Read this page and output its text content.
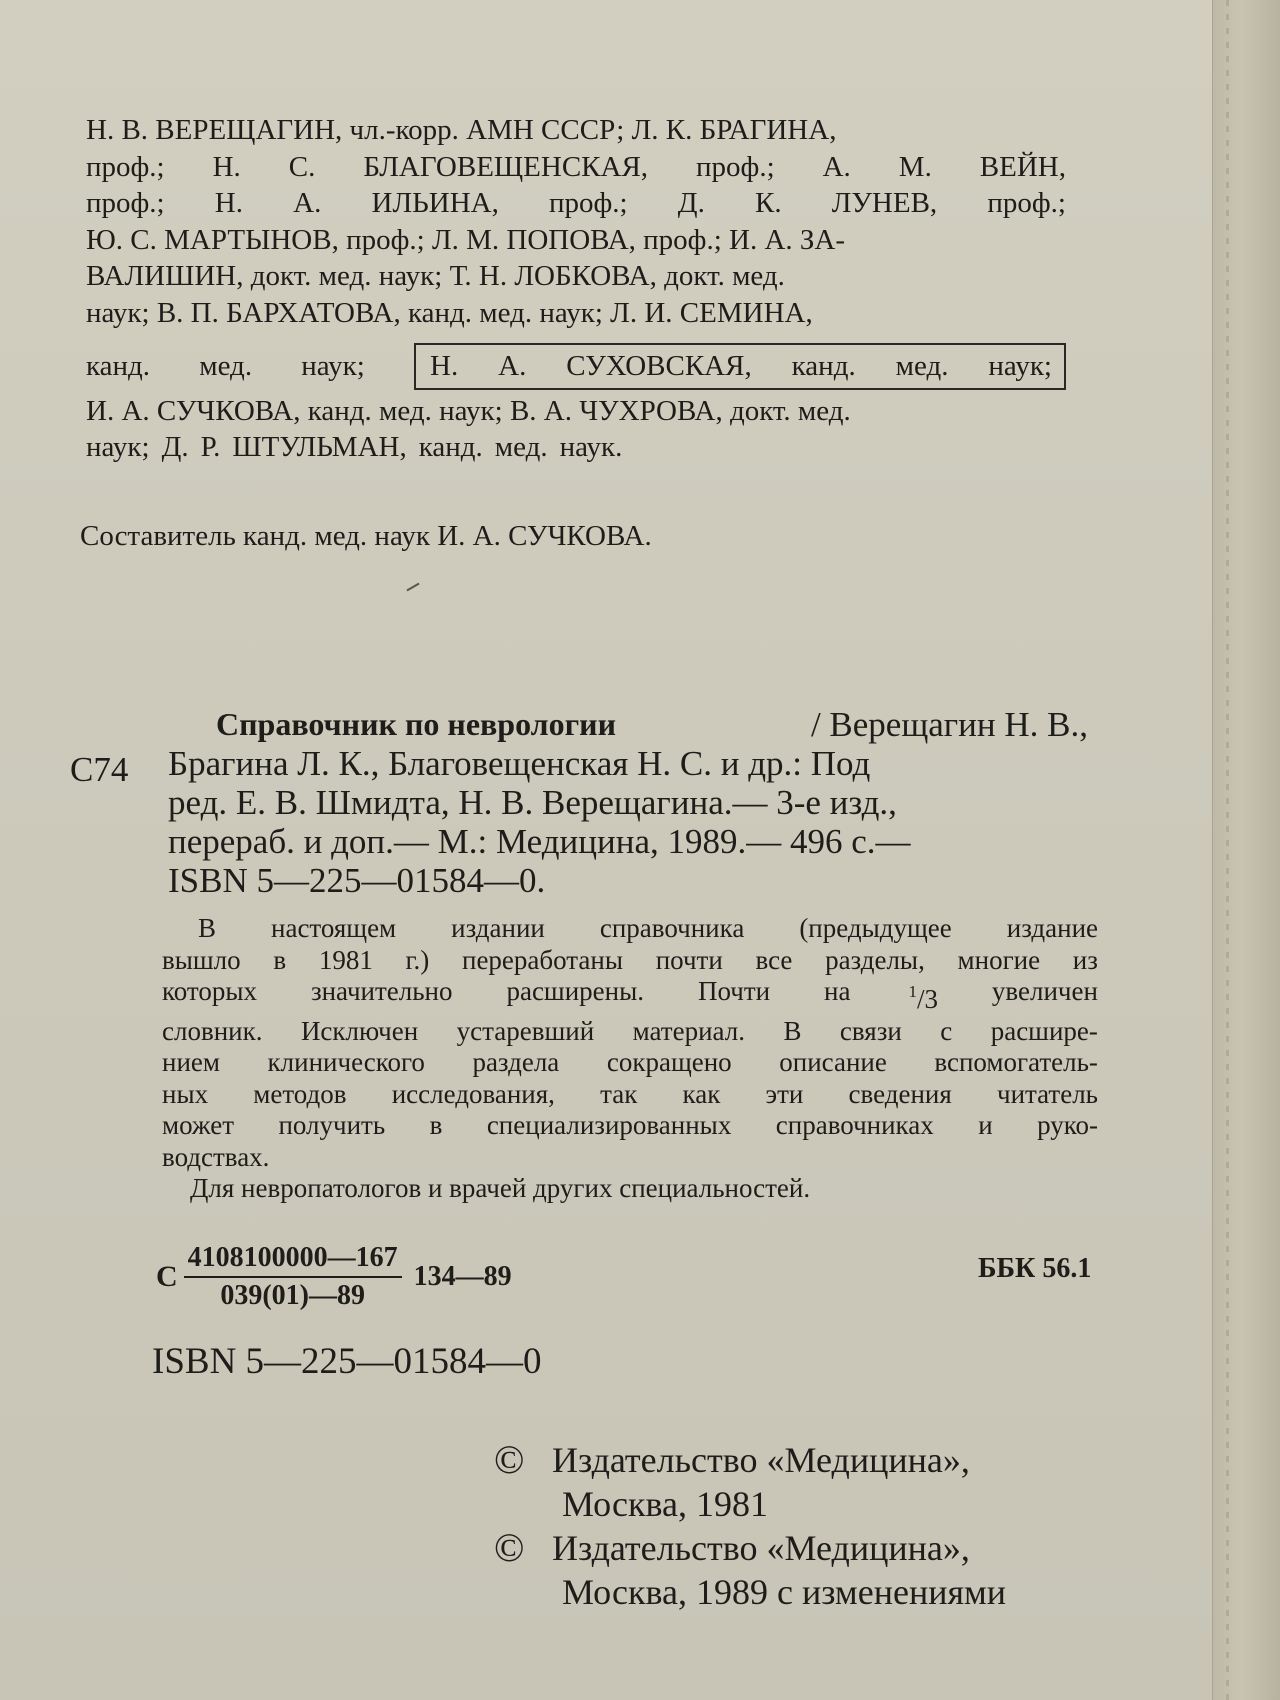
Н. В. ВЕРЕЩАГИН, чл.-корр. АМН СССР; Л. К. БРАГИНА,
проф.; Н. С. БЛАГОВЕЩЕНСКАЯ, проф.; А. М. ВЕЙН,
проф.; Н. А. ИЛЬИНА, проф.; Д. К. ЛУНЕВ, проф.;
Ю. С. МАРТЫНОВ, проф.; Л. М. ПОПОВА, проф.; И. А. ЗА-
ВАЛИШИН, докт. мед. наук; Т. Н. ЛОБКОВА, докт. мед.
наук; В. П. БАРХАТОВА, канд. мед. наук; Л. И. СЕМИНА,
канд. мед. наук; Н. А. СУХОВСКАЯ, канд. мед. наук;
И. А. СУЧКОВА, канд. мед. наук; В. А. ЧУХРОВА, докт. мед.
наук; Д. Р. ШТУЛЬМАН, канд. мед. наук.
Составитель канд. мед. наук И. А. СУЧКОВА.
С74
Справочник по неврологии	/ Верещагин Н. В.,
Брагина Л. К., Благовещенская Н. С. и др.: Под
ред. Е. В. Шмидта, Н. В. Верещагина.— 3-е изд.,
перераб. и доп.— М.: Медицина, 1989.— 496 с.—
ISBN 5—225—01584—0.
В настоящем издании справочника (предыдущее издание
вышло в 1981 г.) переработаны почти все разделы, многие из
которых значительно расширены. Почти на	$^1$/3 увеличен
словник. Исключен устаревший материал. В связи с расшире-
нием клинического раздела сокращено описание вспомогатель-
ных методов исследования, так как эти сведения читатель
может получить в специализированных справочниках и руко-
водствах.
Для невропатологов и врачей других специальностей.
С $\frac{4108100000—167}{039(01)—89}$ 134—89	ББК 56.1
ISBN 5—225—01584—0
© Издательство «Медицина»,
Москва, 1981
© Издательство «Медицина»,
Москва, 1989 с изменениями
